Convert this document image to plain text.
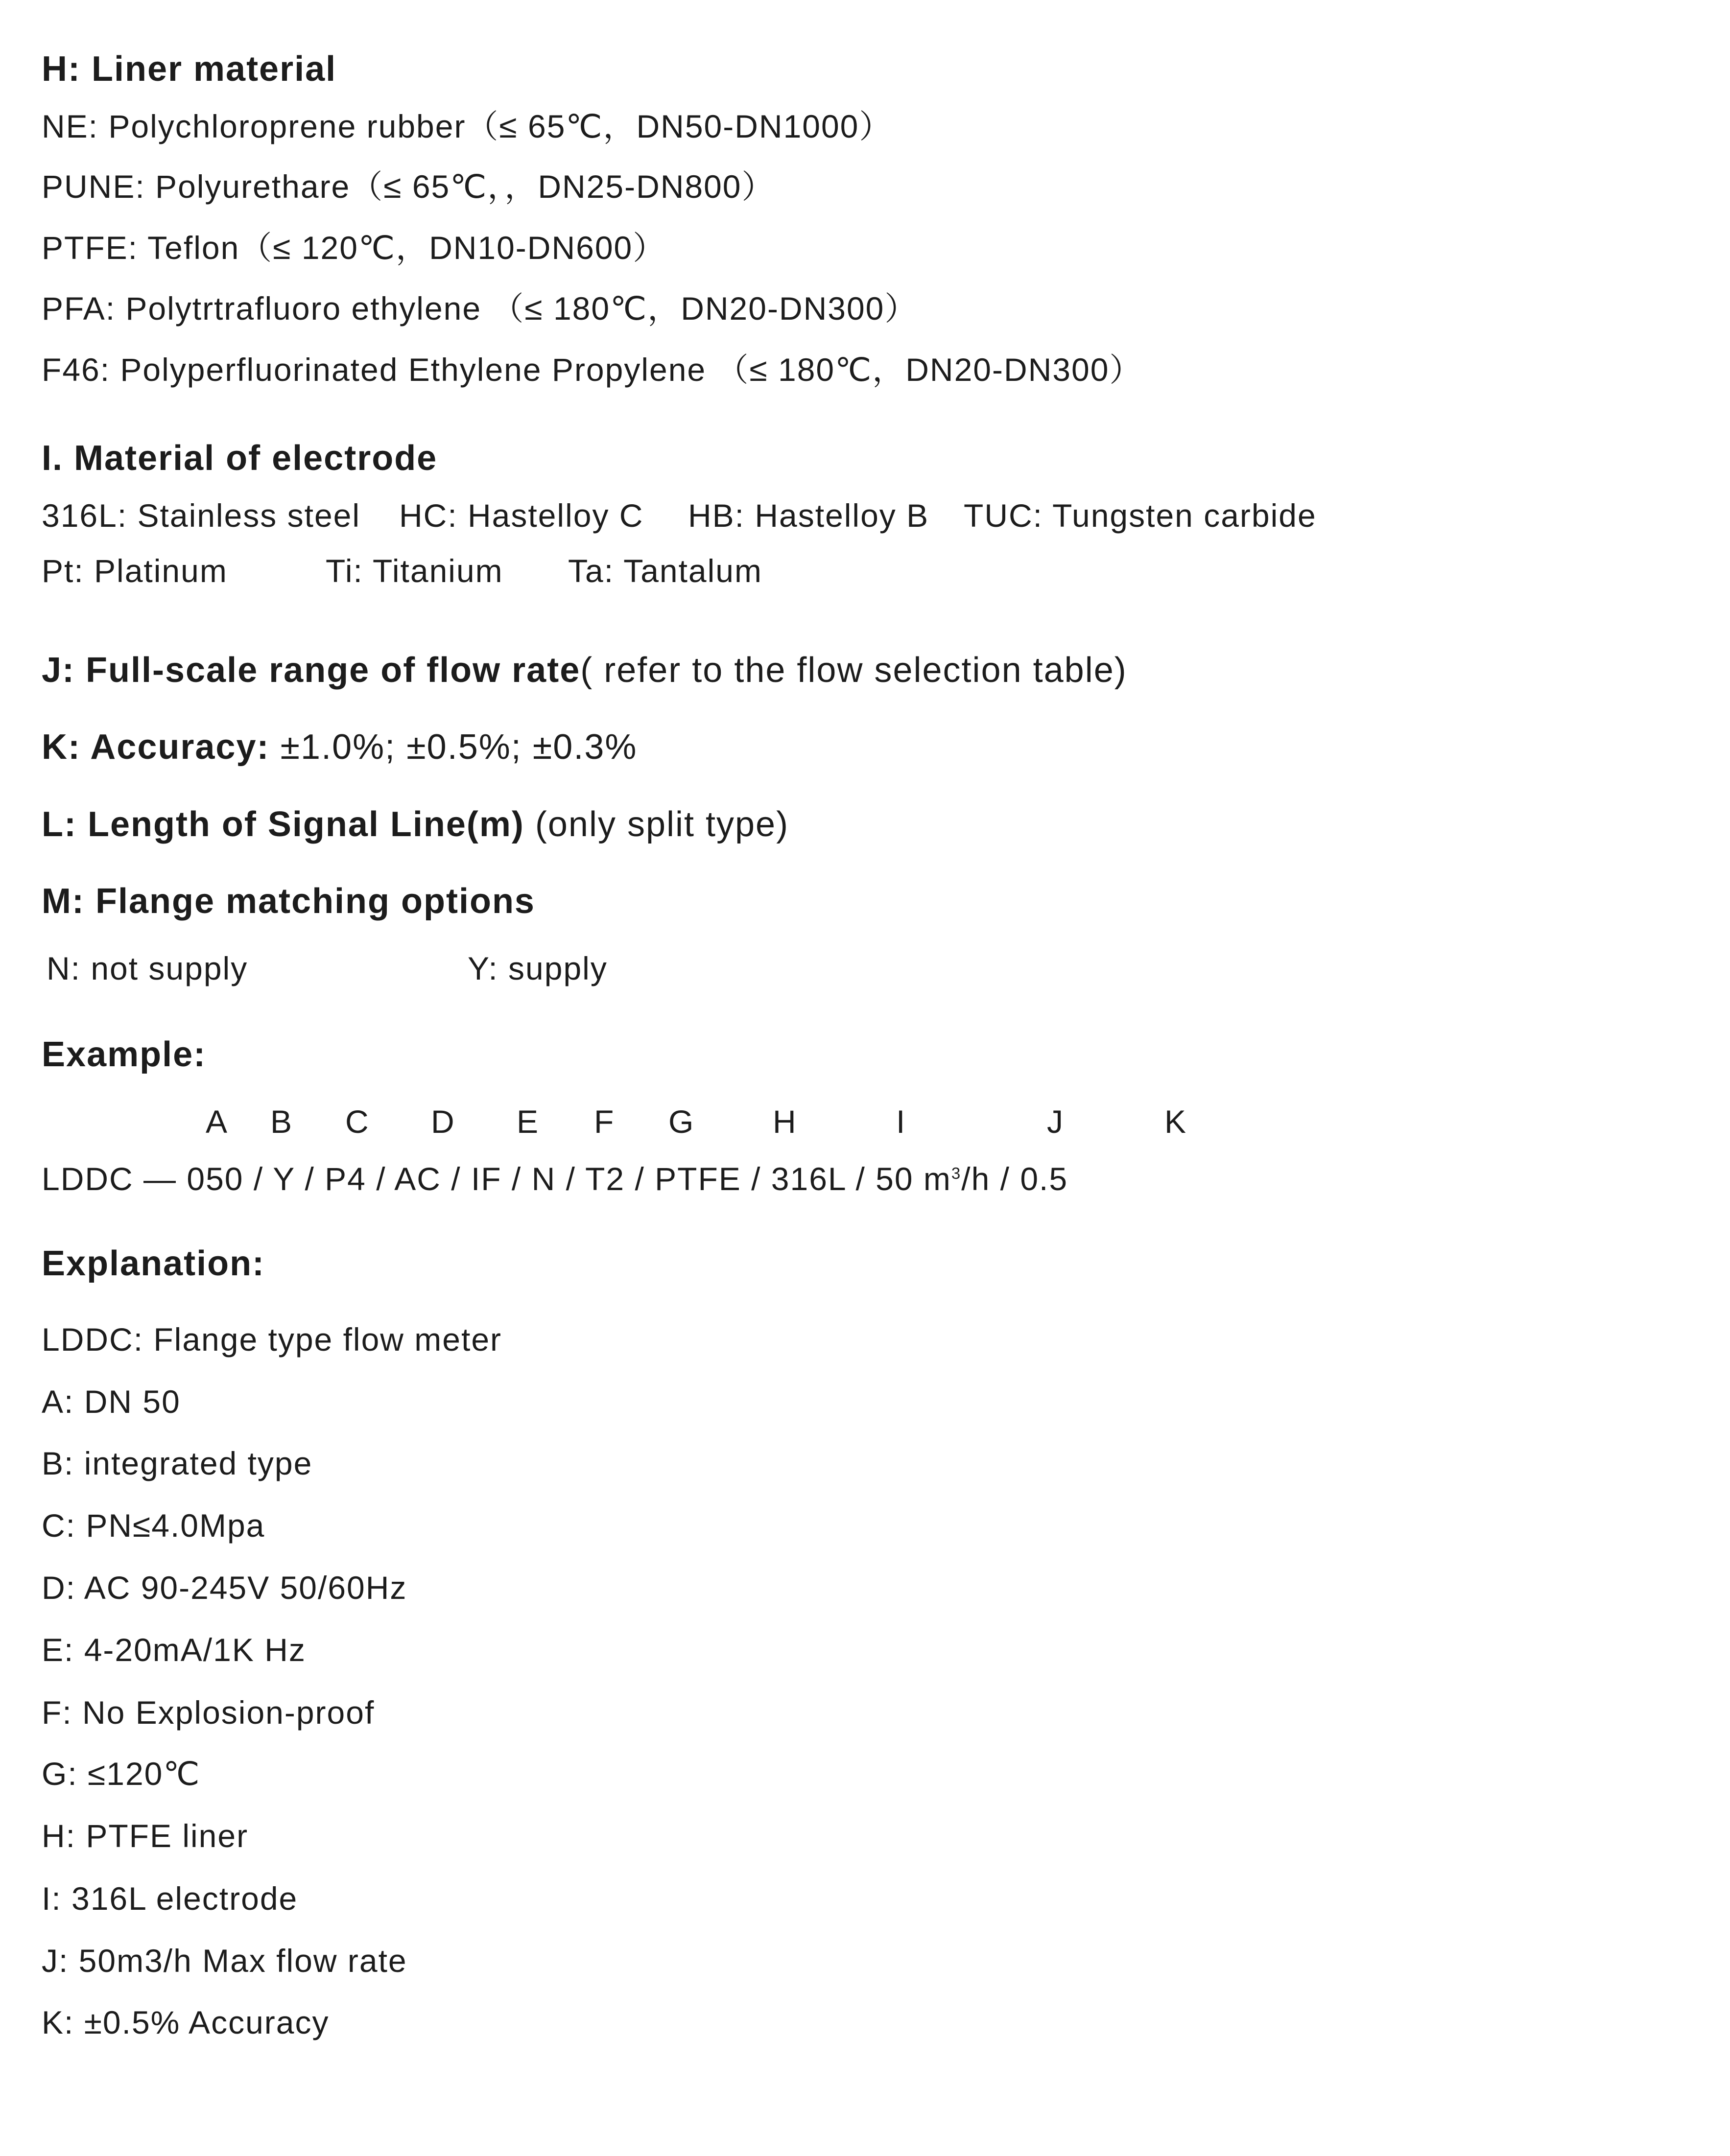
H: Liner material
NE: Polychloroprene rubber（≤ 65℃，DN50-DN1000）
PUNE: Polyurethare（≤ 65℃，，DN25-DN800）
PTFE: Teflon（≤ 120℃，DN10-DN600）
PFA: Polytrtrafluoro ethylene （≤ 180℃，DN20-DN300）
F46: Polyperfluorinated Ethylene Propylene （≤ 180℃，DN20-DN300）
I. Material of electrode
316L: Stainless steel HC: Hastelloy C HB: Hastelloy B TUC: Tungsten carbide
Pt: Platinum	Ti: Titanium Ta: Tantalum
J: Full-scale range of flow rate( refer to the flow selection table)
K: Accuracy: ±1.0%; ±0.5%; ±0.3%
L: Length of Signal Line(m) (only split type)
M: Flange matching options
N: not supply	Y: supply
Example:
A B C D E F G H	I	J	K
LDDC — 050 / Y / P4 / AC / IF / N / T2 / PTFE / 316L / 50 $m^3/h / 0.5$
Explanation:
LDDC: Flange type flow meter
A: DN 50
B: integrated type
C: PN≤4.0Mpa
D: AC 90-245V 50/60Hz
E: 4-20mA/1K Hz
F: No Explosion-proof
G: ≤120℃
H: PTFE liner
I: 316L electrode
J: 50m3/h Max flow rate
K: ±0.5% Accuracy
